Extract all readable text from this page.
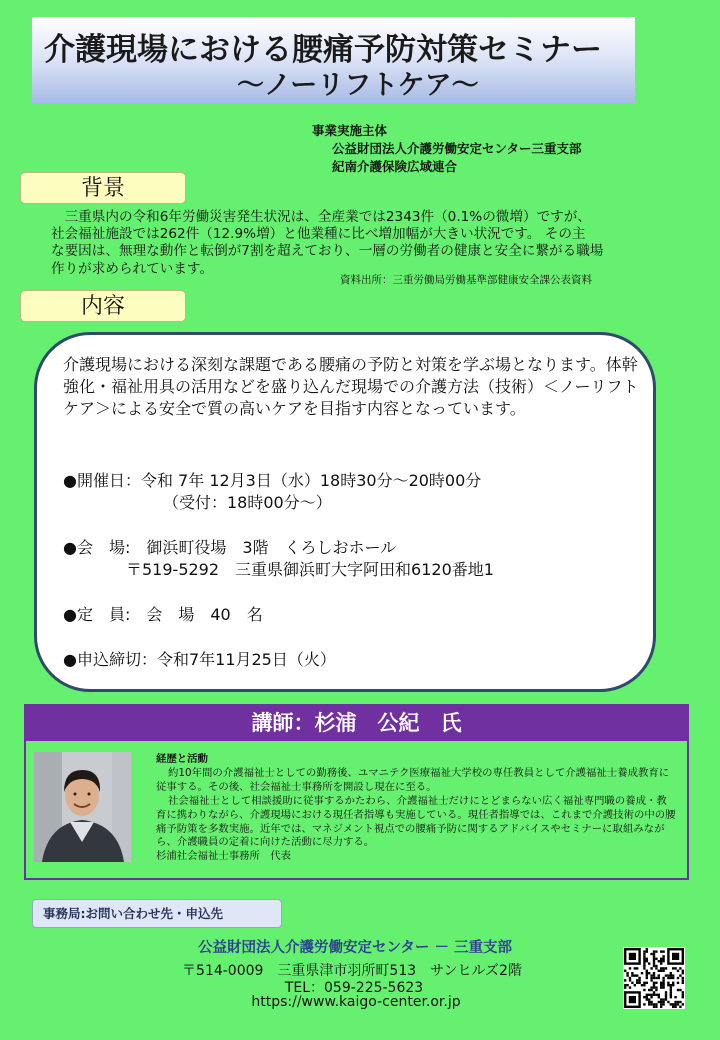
介護現場における腰痛予防対策セミナー
～ノーリフトケア～
事業実施主体
公益財団法人介護労働安定センター三重支部
紀南介護保険広域連合
背景
　三重県内の令和6年労働災害発生状況は、全産業では2343件（0.1%の微増）ですが、
社会福祉施設では262件（12.9%増）と他業種に比べ増加幅が大きい状況です。 その主
な要因は、無理な動作と転倒が7割を超えており、一層の労働者の健康と安全に繋がる職場
作りが求められています。
資料出所：三重労働局労働基準部健康安全課公表資料
内容
介護現場における深刻な課題である腰痛の予防と対策を学ぶ場となります。体幹強化・福祉用具の活用などを盛り込んだ現場での介護方法（技術）＜ノーリフトケア＞による安全で質の高いケアを目指す内容となっています。
●開催日：令和 7年 12月3日（水）18時30分～20時00分
（受付：18時00分～）
●会　場:　御浜町役場　3階　くろしおホール
〒519-5292　三重県御浜町大字阿田和6120番地1
●定　員:　会　場　40　名
●申込締切：令和7年11月25日（火）
講師：杉浦　公紀　氏

経歴と活動

約10年間の介護福祉士としての勤務後、ユマニテク医療福祉大学校の専任教員として介護福祉士養成教育に従事する。その後、社会福祉士事務所を開設し現在に至る。

社会福祉士として相談援助に従事するかたわら、介護福祉士だけにとどまらない広く福祉専門職の養成・教育に携わりながら、介護現場における現任者指導も実施している。現任者指導では、これまで介護技術の中の腰痛予防策を多数実施。近年では、マネジメント視点での腰痛予防に関するアドバイスやセミナーに取組みながら、介護職員の定着に向けた活動に尽力する。

杉浦社会福祉士事務所　代表

事務局:お問い合わせ先・申込先
公益財団法人介護労働安定センター － 三重支部
〒514-0009　三重県津市羽所町513　サンヒルズ2階
TEL：059-225-5623
https://www.kaigo-center.or.jp
